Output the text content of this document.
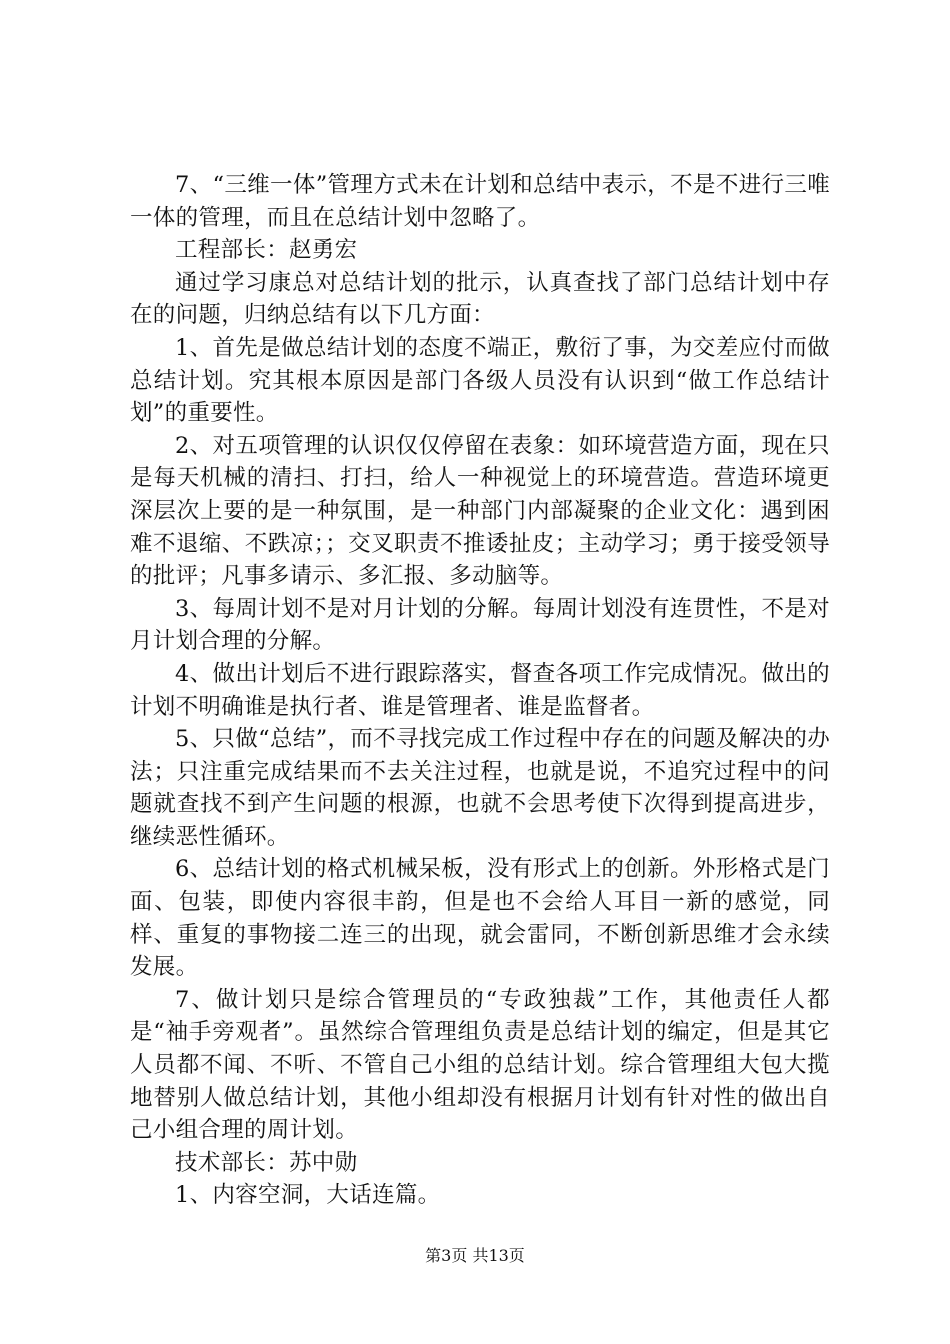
7、“三维一体”管理方式未在计划和总结中表示，不是不进行三唯一体的管理，而且在总结计划中忽略了。

工程部长：赵勇宏

通过学习康总对总结计划的批示，认真查找了部门总结计划中存在的问题，归纳总结有以下几方面：

1、首先是做总结计划的态度不端正，敷衍了事，为交差应付而做总结计划。究其根本原因是部门各级人员没有认识到“做工作总结计划”的重要性。

2、对五项管理的认识仅仅停留在表象：如环境营造方面，现在只是每天机械的清扫、打扫，给人一种视觉上的环境营造。营造环境更深层次上要的是一种氛围，是一种部门内部凝聚的企业文化：遇到困难不退缩、不跌凉；；交叉职责不推诿扯皮；主动学习；勇于接受领导的批评；凡事多请示、多汇报、多动脑等。

3、每周计划不是对月计划的分解。每周计划没有连贯性，不是对月计划合理的分解。

4、做出计划后不进行跟踪落实，督查各项工作完成情况。做出的计划不明确谁是执行者、谁是管理者、谁是监督者。

5、只做“总结”，而不寻找完成工作过程中存在的问题及解决的办法；只注重完成结果而不去关注过程，也就是说，不追究过程中的问题就查找不到产生问题的根源，也就不会思考使下次得到提高进步，继续恶性循环。

6、总结计划的格式机械呆板，没有形式上的创新。外形格式是门面、包装，即使内容很丰韵，但是也不会给人耳目一新的感觉，同样、重复的事物接二连三的出现，就会雷同，不断创新思维才会永续发展。

7、做计划只是综合管理员的“专政独裁”工作，其他责任人都是“袖手旁观者”。虽然综合管理组负责是总结计划的编定，但是其它人员都不闻、不听、不管自己小组的总结计划。综合管理组大包大揽地替别人做总结计划，其他小组却没有根据月计划有针对性的做出自己小组合理的周计划。

技术部长：苏中勋

1、内容空洞，大话连篇。

第3页 共13页
